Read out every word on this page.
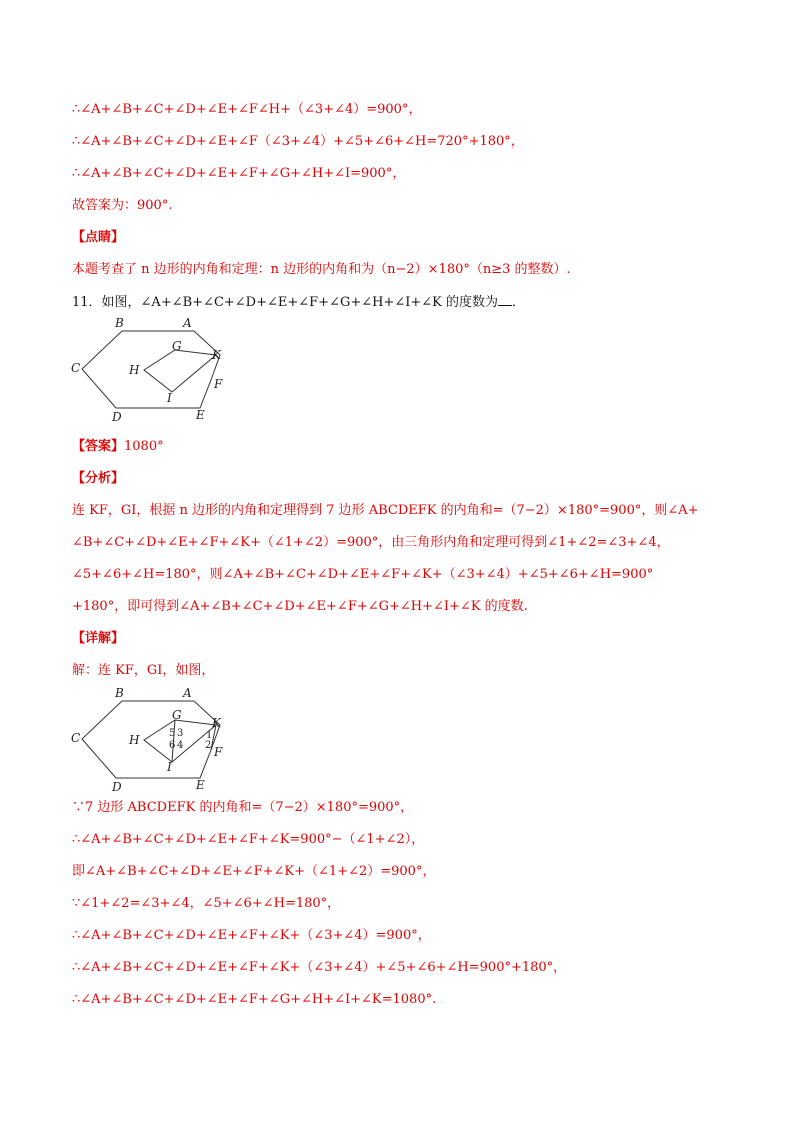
∴∠A+∠B+∠C+∠D+∠E+∠F∠H+（∠3+∠4）=900°，
∴∠A+∠B+∠C+∠D+∠E+∠F（∠3+∠4）+∠5+∠6+∠H=720°+180°，
∴∠A+∠B+∠C+∠D+∠E+∠F+∠G+∠H+∠I=900°，
故答案为：900°.
【点睛】
本题考查了 n 边形的内角和定理：n 边形的内角和为（n−2）×180°（n≥3 的整数）.
11．如图，∠A+∠B+∠C+∠D+∠E+∠F+∠G+∠H+∠I+∠K 的度数为 ．
B	A
C
D	E
F
G
H
I
K
【答案】1080°
【分析】
连 KF，GI，根据 n 边形的内角和定理得到 7 边形 ABCDEFK 的内角和=（7−2）×180°=900°，则∠A+
∠B+∠C+∠D+∠E+∠F+∠K+（∠1+∠2）=900°，由三角形内角和定理可得到∠1+∠2=∠3+∠4，
∠5+∠6+∠H=180°，则∠A+∠B+∠C+∠D+∠E+∠F+∠K+（∠3+∠4）+∠5+∠6+∠H=900°
+180°，即可得到∠A+∠B+∠C+∠D+∠E+∠F+∠G+∠H+∠I+∠K 的度数.
【详解】
解：连 KF，GI，如图，
B	A
C
D	E
F
G
H
I
K
5 3
6 4
1
2
∵7 边形 ABCDEFK 的内角和=（7−2）×180°=900°，
∴∠A+∠B+∠C+∠D+∠E+∠F+∠K=900°−（∠1+∠2），
即∠A+∠B+∠C+∠D+∠E+∠F+∠K+（∠1+∠2）=900°，
∵∠1+∠2=∠3+∠4，∠5+∠6+∠H=180°，
∴∠A+∠B+∠C+∠D+∠E+∠F+∠K+（∠3+∠4）=900°，
∴∠A+∠B+∠C+∠D+∠E+∠F+∠K+（∠3+∠4）+∠5+∠6+∠H=900°+180°，
∴∠A+∠B+∠C+∠D+∠E+∠F+∠G+∠H+∠I+∠K=1080°.
